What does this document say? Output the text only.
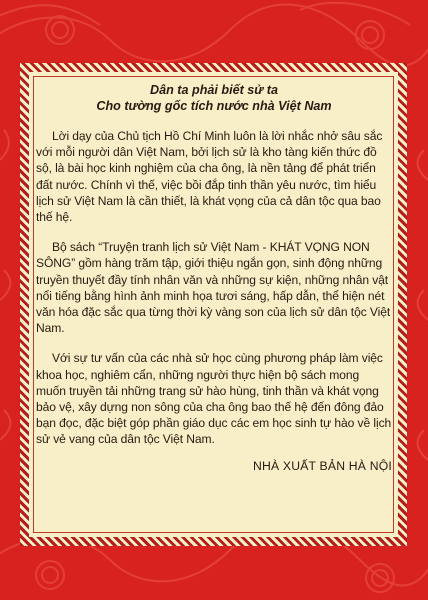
Dân ta phải biết sử ta

Cho tường gốc tích nước nhà Việt Nam

Lời dạy của Chủ tịch Hồ Chí Minh luôn là lời nhắc nhở sâu sắc với mỗi người dân Việt Nam, bởi lịch sử là kho tàng kiến thức đồ sộ, là bài học kinh nghiệm của cha ông, là nền tảng để phát triển đất nước. Chính vì thế, việc bồi đắp tinh thần yêu nước, tìm hiểu lịch sử Việt Nam là cần thiết, là khát vọng của cả dân tộc qua bao thế hệ.

Bộ sách “Truyện tranh lịch sử Việt Nam - KHÁT VỌNG NON SÔNG” gồm hàng trăm tập, giới thiệu ngắn gọn, sinh động những truyền thuyết đầy tính nhân văn và những sự kiện, những nhân vật nổi tiếng bằng hình ảnh minh họa tươi sáng, hấp dẫn, thể hiện nét văn hóa đặc sắc qua từng thời kỳ vàng son của lịch sử dân tộc Việt Nam.

Với sự tư vấn của các nhà sử học cùng phương pháp làm việc khoa học, nghiêm cẩn, những người thực hiện bộ sách mong muốn truyền tải những trang sử hào hùng, tinh thần và khát vọng bảo vệ, xây dựng non sông của cha ông bao thế hệ đến đông đảo bạn đọc, đặc biệt góp phần giáo dục các em học sinh tự hào về lịch sử vẻ vang của dân tộc Việt Nam.

NHÀ XUẤT BẢN HÀ NỘI
